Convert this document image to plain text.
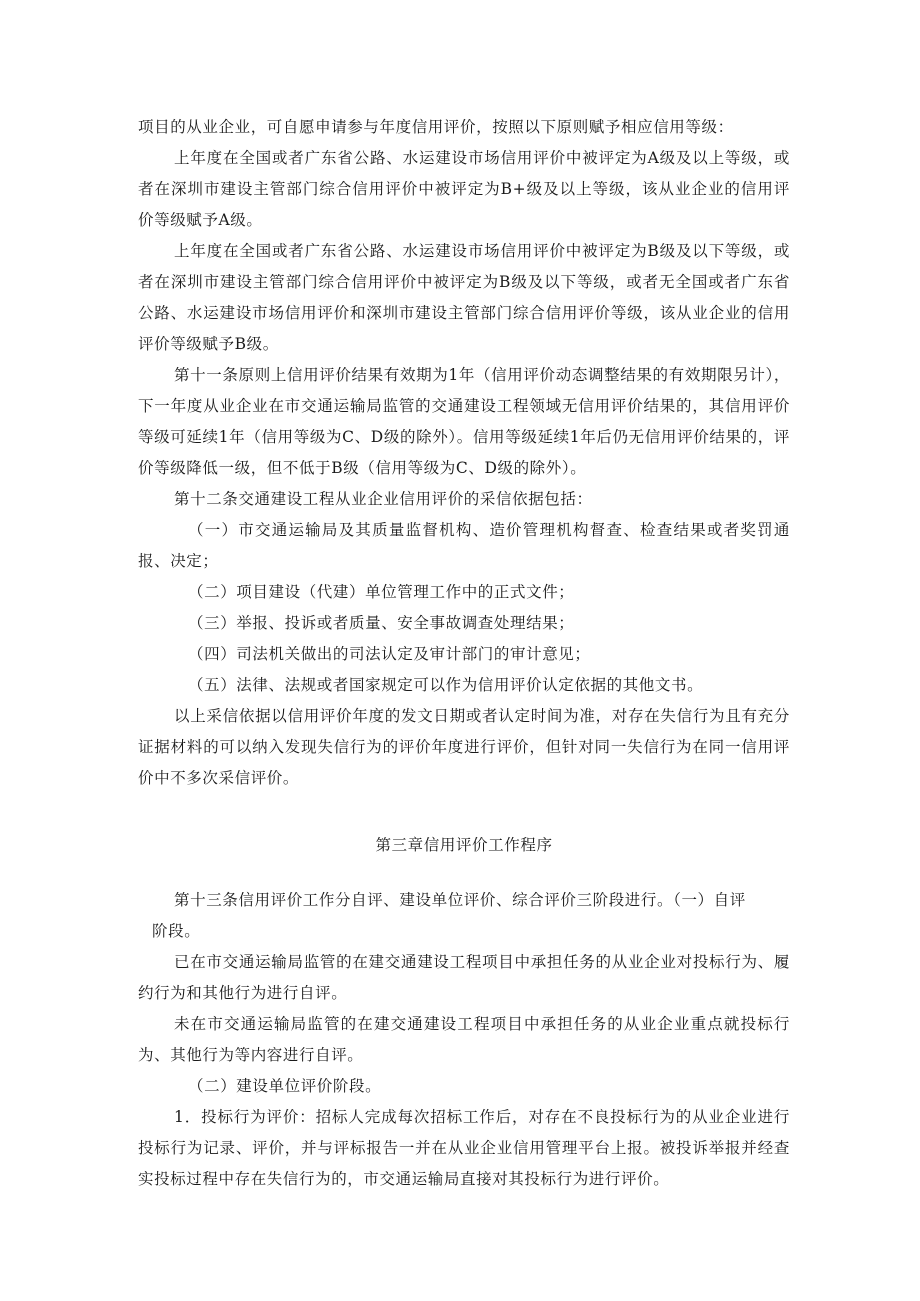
项目的从业企业，可自愿申请参与年度信用评价，按照以下原则赋予相应信用等级：

上年度在全国或者广东省公路、水运建设市场信用评价中被评定为A级及以上等级，或者在深圳市建设主管部门综合信用评价中被评定为B+级及以上等级，该从业企业的信用评价等级赋予A级。

上年度在全国或者广东省公路、水运建设市场信用评价中被评定为B级及以下等级，或者在深圳市建设主管部门综合信用评价中被评定为B级及以下等级，或者无全国或者广东省公路、水运建设市场信用评价和深圳市建设主管部门综合信用评价等级，该从业企业的信用评价等级赋予B级。

第十一条原则上信用评价结果有效期为1年（信用评价动态调整结果的有效期限另计），下一年度从业企业在市交通运输局监管的交通建设工程领域无信用评价结果的，其信用评价等级可延续1年（信用等级为C、D级的除外）。信用等级延续1年后仍无信用评价结果的，评价等级降低一级，但不低于B级（信用等级为C、D级的除外）。

第十二条交通建设工程从业企业信用评价的采信依据包括：

（一）市交通运输局及其质量监督机构、造价管理机构督查、检查结果或者奖罚通报、决定；

（二）项目建设（代建）单位管理工作中的正式文件；

（三）举报、投诉或者质量、安全事故调查处理结果；

（四）司法机关做出的司法认定及审计部门的审计意见；

（五）法律、法规或者国家规定可以作为信用评价认定依据的其他文书。

以上采信依据以信用评价年度的发文日期或者认定时间为准，对存在失信行为且有充分证据材料的可以纳入发现失信行为的评价年度进行评价，但针对同一失信行为在同一信用评价中不多次采信评价。

第三章信用评价工作程序

第十三条信用评价工作分自评、建设单位评价、综合评价三阶段进行。（一）自评

阶段。

已在市交通运输局监管的在建交通建设工程项目中承担任务的从业企业对投标行为、履约行为和其他行为进行自评。

未在市交通运输局监管的在建交通建设工程项目中承担任务的从业企业重点就投标行为、其他行为等内容进行自评。

（二）建设单位评价阶段。

1．投标行为评价：招标人完成每次招标工作后，对存在不良投标行为的从业企业进行投标行为记录、评价，并与评标报告一并在从业企业信用管理平台上报。被投诉举报并经查实投标过程中存在失信行为的，市交通运输局直接对其投标行为进行评价。
